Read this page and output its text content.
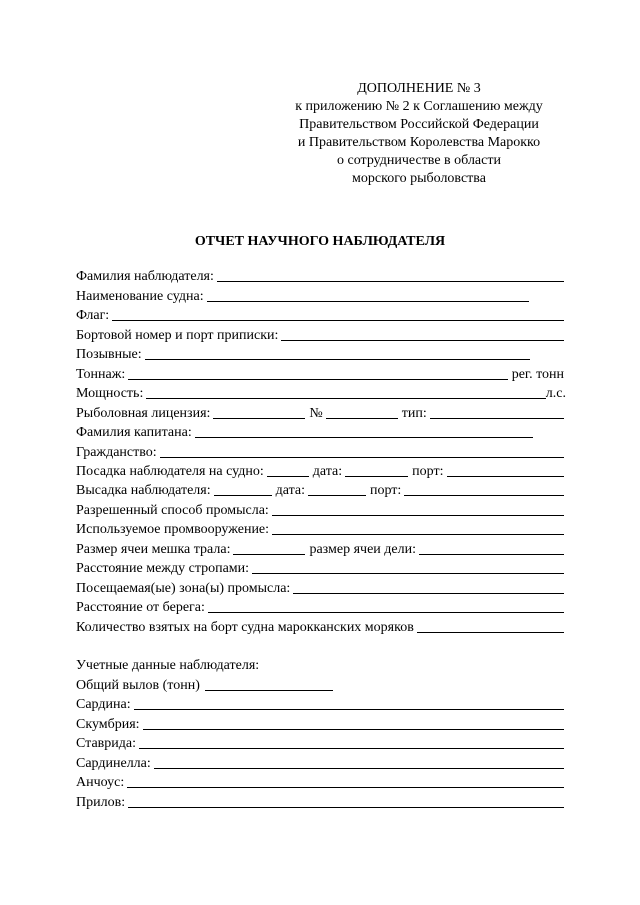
ДОПОЛНЕНИЕ № 3
к приложению № 2 к Соглашению между
Правительством Российской Федерации
и Правительством Королевства Марокко
о сотрудничестве в области
морского рыболовства
ОТЧЕТ НАУЧНОГО НАБЛЮДАТЕЛЯ
Фамилия наблюдателя:
Наименование судна:
Флаг:
Бортовой номер и порт приписки:
Позывные:
Тоннаж:	рег. тонн
Мощность:	л.с.
Рыболовная лицензия:	№	тип:
Фамилия капитана:
Гражданство:
Посадка наблюдателя на судно:	дата:	порт:
Высадка наблюдателя:	дата:	порт:
Разрешенный способ промысла:
Используемое промвооружение:
Размер ячеи мешка трала:	размер ячеи дели:
Расстояние между стропами:
Посещаемая(ые) зона(ы) промысла:
Расстояние от берега:
Количество взятых на борт судна марокканских моряков
Учетные данные наблюдателя:
Общий вылов (тонн)
Сардина:
Скумбрия:
Ставрида:
Сардинелла:
Анчоус:
Прилов:
